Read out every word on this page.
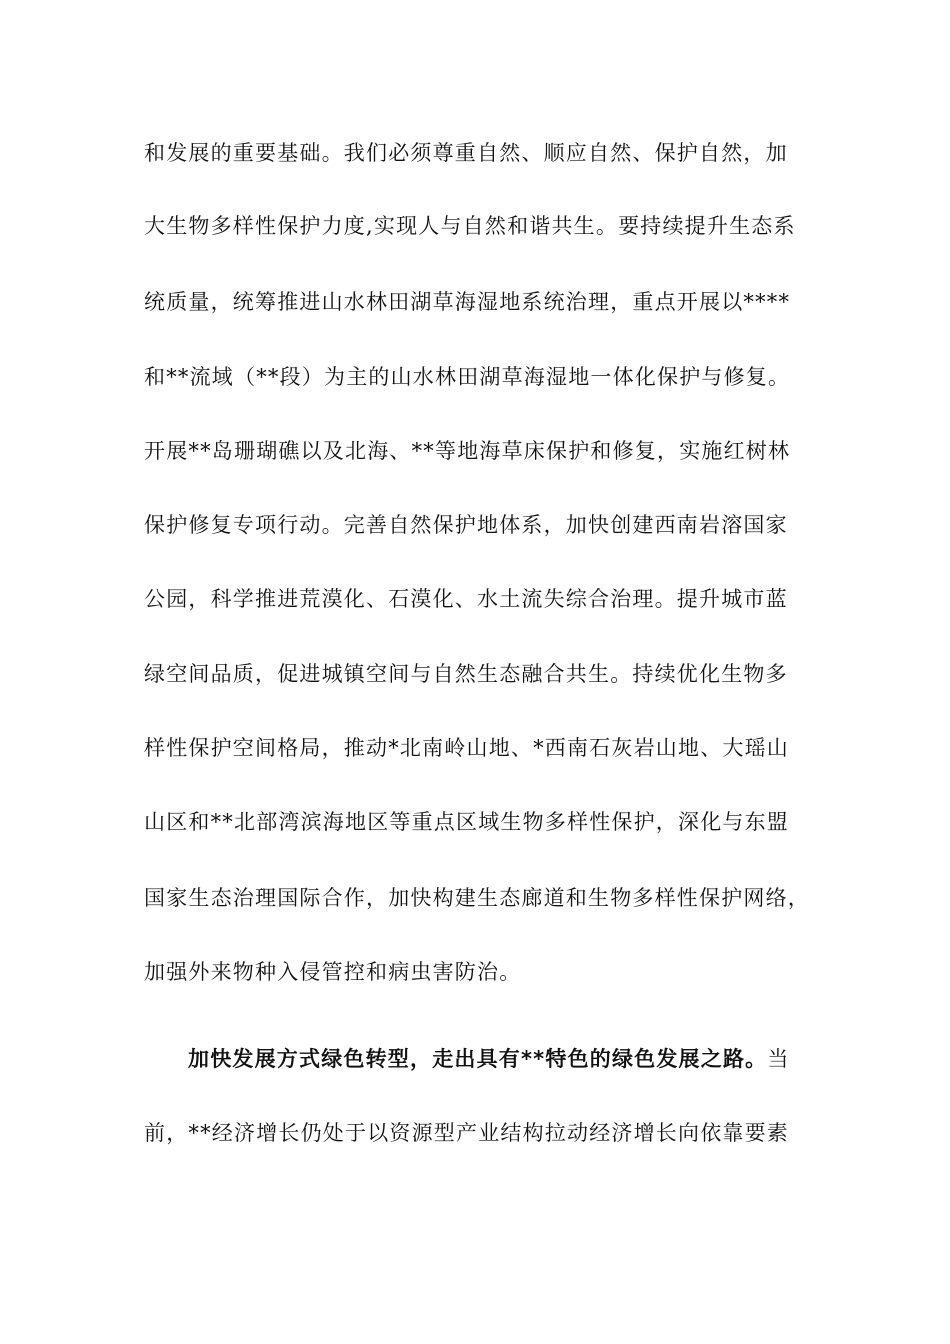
和发展的重要基础。我们必须尊重自然、顺应自然、保护自然，加
大生物多样性保护力度,实现人与自然和谐共生。要持续提升生态系
统质量，统筹推进山水林田湖草海湿地系统治理，重点开展以****
和**流域（**段）为主的山水林田湖草海湿地一体化保护与修复。
开展**岛珊瑚礁以及北海、**等地海草床保护和修复，实施红树林
保护修复专项行动。完善自然保护地体系，加快创建西南岩溶国家
公园，科学推进荒漠化、石漠化、水土流失综合治理。提升城市蓝
绿空间品质，促进城镇空间与自然生态融合共生。持续优化生物多
样性保护空间格局，推动*北南岭山地、*西南石灰岩山地、大瑶山
山区和**北部湾滨海地区等重点区域生物多样性保护，深化与东盟
国家生态治理国际合作，加快构建生态廊道和生物多样性保护网络，
加强外来物种入侵管控和病虫害防治。
加快发展方式绿色转型，走出具有**特色的绿色发展之路。当
前，**经济增长仍处于以资源型产业结构拉动经济增长向依靠要素
